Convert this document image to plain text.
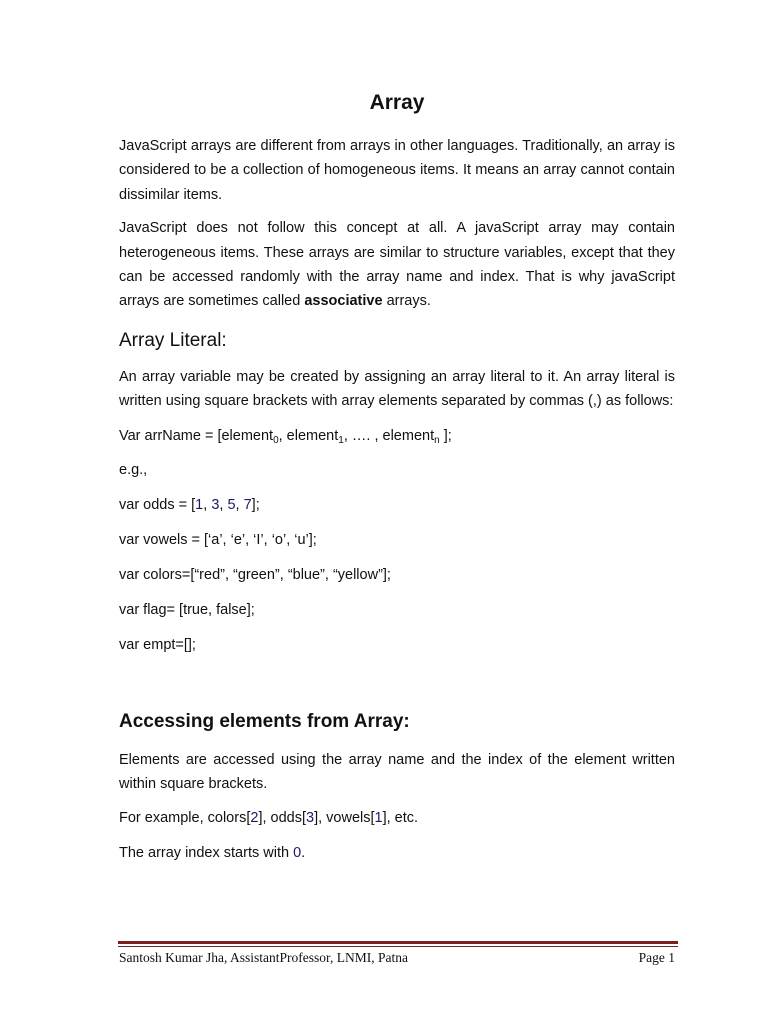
Array

JavaScript arrays are different from arrays in other languages. Traditionally, an array is considered to be a collection of homogeneous items. It means an array cannot contain dissimilar items.

JavaScript does not follow this concept at all. A javaScript array may contain heterogeneous items. These arrays are similar to structure variables, except that they can be accessed randomly with the array name and index. That is why javaScript arrays are sometimes called associative arrays.

Array Literal:

An array variable may be created by assigning an array literal to it. An array literal is written using square brackets with array elements separated by commas (,) as follows:

Var arrName = [element$_0$, element$_1$, …. , element$_n$ ];
e.g.,
var odds = [1, 3, 5, 7];
var vowels = [‘a’, ‘e’, ‘I’, ‘o’, ‘u’];
var colors=[“red”, “green”, “blue”, “yellow”];
var flag= [true, false];
var empt=[];
Accessing elements from Array:

Elements are accessed using the array name and the index of the element written within square brackets.

For example, colors[2], odds[3], vowels[1], etc.

The array index starts with 0.

Santosh Kumar Jha, AssistantProfessor, LNMI, Patna	Page 1
